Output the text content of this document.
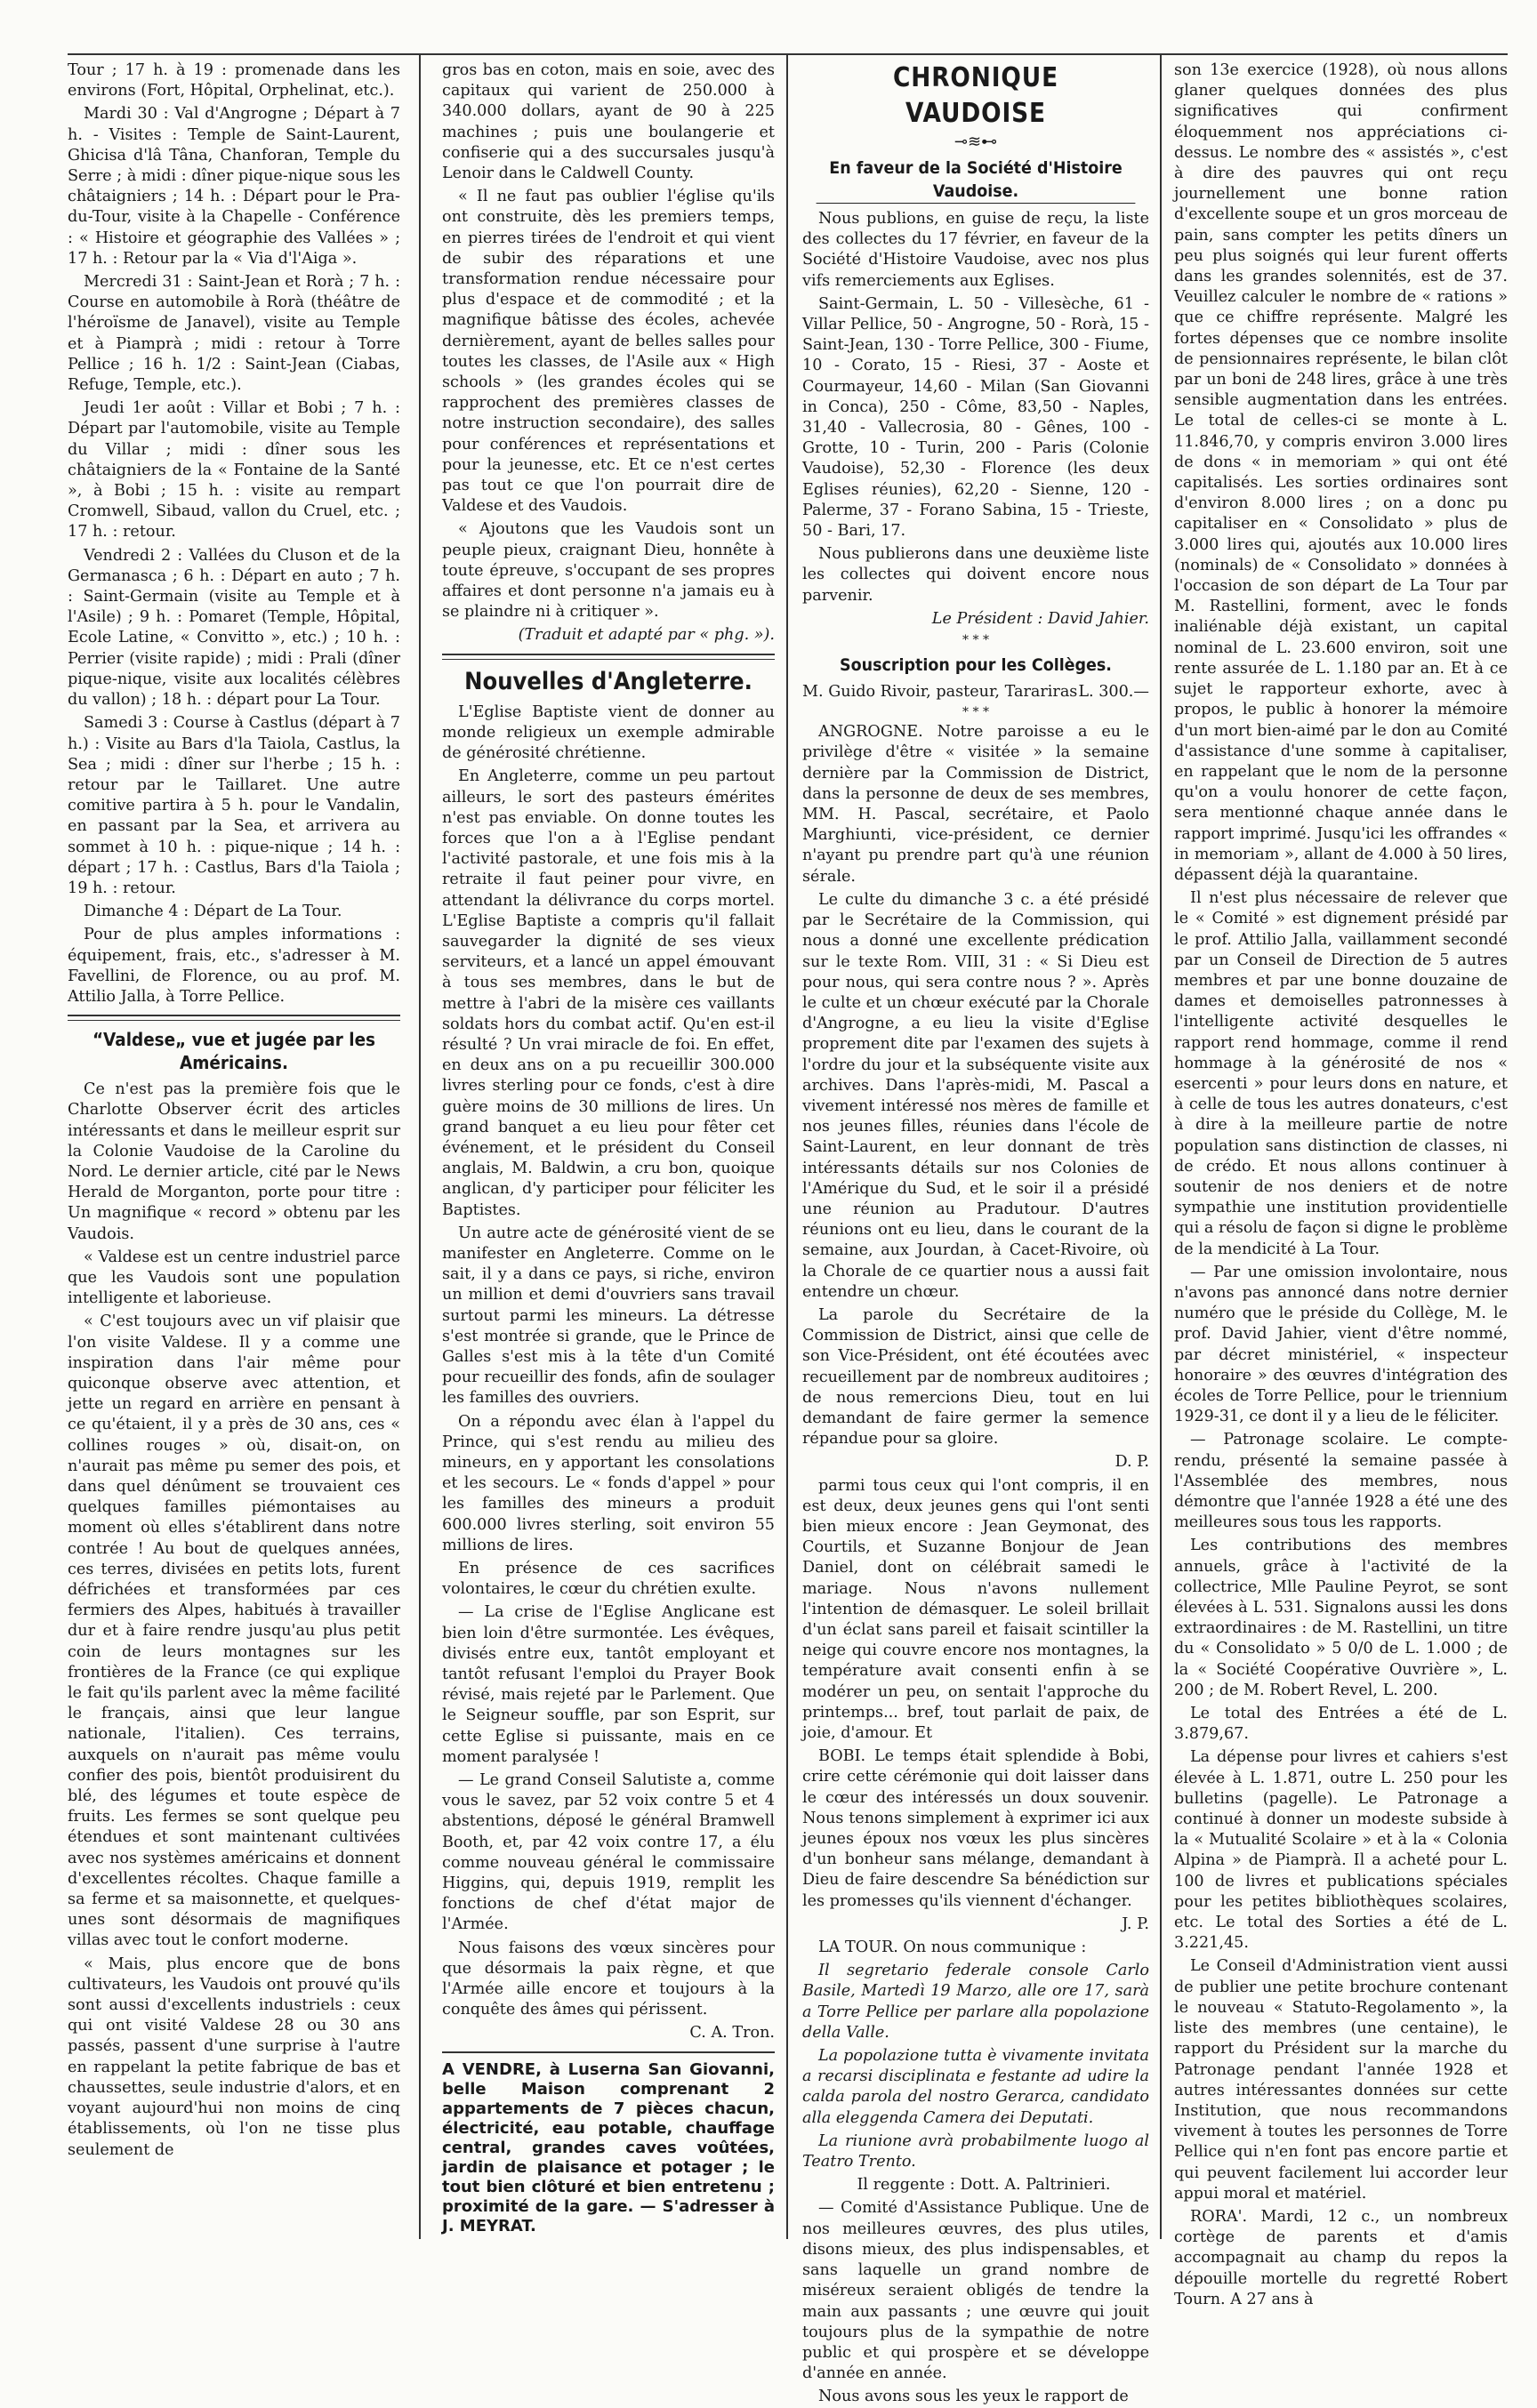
Tour ; 17 h. à 19 : promenade dans les environs (Fort, Hôpital, Orphelinat, etc.).

Mardi 30 : Val d'Angrogne ; Départ à 7 h. - Visites : Temple de Saint-Laurent, Ghicisa d'lâ Tâna, Chanforan, Temple du Serre ; à midi : dîner pique-nique sous les châtaigniers ; 14 h. : Départ pour le Pra-du-Tour, visite à la Chapelle - Conférence : « Histoire et géographie des Vallées » ; 17 h. : Retour par la « Via d'l'Aiga ».

Mercredi 31 : Saint-Jean et Rorà ; 7 h. : Course en automobile à Rorà (théâtre de l'héroïsme de Janavel), visite au Temple et à Piamprà ; midi : retour à Torre Pellice ; 16 h. 1/2 : Saint-Jean (Ciabas, Refuge, Temple, etc.).

Jeudi 1er août : Villar et Bobi ; 7 h. : Départ par l'automobile, visite au Temple du Villar ; midi : dîner sous les châtaigniers de la « Fontaine de la Santé », à Bobi ; 15 h. : visite au rempart Cromwell, Sibaud, vallon du Cruel, etc. ; 17 h. : retour.

Vendredi 2 : Vallées du Cluson et de la Germanasca ; 6 h. : Départ en auto ; 7 h. : Saint-Germain (visite au Temple et à l'Asile) ; 9 h. : Pomaret (Temple, Hôpital, Ecole Latine, « Convitto », etc.) ; 10 h. : Perrier (visite rapide) ; midi : Prali (dîner pique-nique, visite aux localités célèbres du vallon) ; 18 h. : départ pour La Tour.

Samedi 3 : Course à Castlus (départ à 7 h.) : Visite au Bars d'la Taiola, Castlus, la Sea ; midi : dîner sur l'herbe ; 15 h. : retour par le Taillaret. Une autre comitive partira à 5 h. pour le Vandalin, en passant par la Sea, et arrivera au sommet à 10 h. : pique-nique ; 14 h. : départ ; 17 h. : Castlus, Bars d'la Taiola ; 19 h. : retour.

Dimanche 4 : Départ de La Tour.

Pour de plus amples informations : équipement, frais, etc., s'adresser à M. Favellini, de Florence, ou au prof. M. Attilio Jalla, à Torre Pellice.

“Valdese„ vue et jugée par les Américains.

Ce n'est pas la première fois que le Charlotte Observer écrit des articles intéressants et dans le meilleur esprit sur la Colonie Vaudoise de la Caroline du Nord. Le dernier article, cité par le News Herald de Morganton, porte pour titre : Un magnifique « record » obtenu par les Vaudois.

« Valdese est un centre industriel parce que les Vaudois sont une population intelligente et laborieuse.

« C'est toujours avec un vif plaisir que l'on visite Valdese. Il y a comme une inspiration dans l'air même pour quiconque observe avec attention, et jette un regard en arrière en pensant à ce qu'étaient, il y a près de 30 ans, ces « collines rouges » où, disait-on, on n'aurait pas même pu semer des pois, et dans quel dénûment se trouvaient ces quelques familles piémontaises au moment où elles s'établirent dans notre contrée ! Au bout de quelques années, ces terres, divisées en petits lots, furent défrichées et transformées par ces fermiers des Alpes, habitués à travailler dur et à faire rendre jusqu'au plus petit coin de leurs montagnes sur les frontières de la France (ce qui explique le fait qu'ils parlent avec la même facilité le français, ainsi que leur langue nationale, l'italien). Ces terrains, auxquels on n'aurait pas même voulu confier des pois, bientôt produisirent du blé, des légumes et toute espèce de fruits. Les fermes se sont quelque peu étendues et sont maintenant cultivées avec nos systèmes américains et donnent d'excellentes récoltes. Chaque famille a sa ferme et sa maisonnette, et quelques-unes sont désormais de magnifiques villas avec tout le confort moderne.

« Mais, plus encore que de bons cultivateurs, les Vaudois ont prouvé qu'ils sont aussi d'excellents industriels : ceux qui ont visité Valdese 28 ou 30 ans passés, passent d'une surprise à l'autre en rappelant la petite fabrique de bas et chaussettes, seule industrie d'alors, et en voyant aujourd'hui non moins de cinq établissements, où l'on ne tisse plus seulement de

gros bas en coton, mais en soie, avec des capitaux qui varient de 250.000 à 340.000 dollars, ayant de 90 à 225 machines ; puis une boulangerie et confiserie qui a des succursales jusqu'à Lenoir dans le Caldwell County.

« Il ne faut pas oublier l'église qu'ils ont construite, dès les premiers temps, en pierres tirées de l'endroit et qui vient de subir des réparations et une transformation rendue nécessaire pour plus d'espace et de commodité ; et la magnifique bâtisse des écoles, achevée dernièrement, ayant de belles salles pour toutes les classes, de l'Asile aux « High schools » (les grandes écoles qui se rapprochent des premières classes de notre instruction secondaire), des salles pour conférences et représentations et pour la jeunesse, etc. Et ce n'est certes pas tout ce que l'on pourrait dire de Valdese et des Vaudois.

« Ajoutons que les Vaudois sont un peuple pieux, craignant Dieu, honnête à toute épreuve, s'occupant de ses propres affaires et dont personne n'a jamais eu à se plaindre ni à critiquer ».

(Traduit et adapté par « phg. »).

Nouvelles d'Angleterre.

L'Eglise Baptiste vient de donner au monde religieux un exemple admirable de générosité chrétienne.

En Angleterre, comme un peu partout ailleurs, le sort des pasteurs émérites n'est pas enviable. On donne toutes les forces que l'on a à l'Eglise pendant l'activité pastorale, et une fois mis à la retraite il faut peiner pour vivre, en attendant la délivrance du corps mortel. L'Eglise Baptiste a compris qu'il fallait sauvegarder la dignité de ses vieux serviteurs, et a lancé un appel émouvant à tous ses membres, dans le but de mettre à l'abri de la misère ces vaillants soldats hors du combat actif. Qu'en est-il résulté ? Un vrai miracle de foi. En effet, en deux ans on a pu recueillir 300.000 livres sterling pour ce fonds, c'est à dire guère moins de 30 millions de lires. Un grand banquet a eu lieu pour fêter cet événement, et le président du Conseil anglais, M. Baldwin, a cru bon, quoique anglican, d'y participer pour féliciter les Baptistes.

Un autre acte de générosité vient de se manifester en Angleterre. Comme on le sait, il y a dans ce pays, si riche, environ un million et demi d'ouvriers sans travail surtout parmi les mineurs. La détresse s'est montrée si grande, que le Prince de Galles s'est mis à la tête d'un Comité pour recueillir des fonds, afin de soulager les familles des ouvriers.

On a répondu avec élan à l'appel du Prince, qui s'est rendu au milieu des mineurs, en y apportant les consolations et les secours. Le « fonds d'appel » pour les familles des mineurs a produit 600.000 livres sterling, soit environ 55 millions de lires.

En présence de ces sacrifices volontaires, le cœur du chrétien exulte.

— La crise de l'Eglise Anglicane est bien loin d'être surmontée. Les évêques, divisés entre eux, tantôt employant et tantôt refusant l'emploi du Prayer Book révisé, mais rejeté par le Parlement. Que le Seigneur souffle, par son Esprit, sur cette Eglise si puissante, mais en ce moment paralysée !

— Le grand Conseil Salutiste a, comme vous le savez, par 52 voix contre 5 et 4 abstentions, déposé le général Bramwell Booth, et, par 42 voix contre 17, a élu comme nouveau général le commissaire Higgins, qui, depuis 1919, remplit les fonctions de chef d'état major de l'Armée.

Nous faisons des vœux sincères pour que désormais la paix règne, et que l'Armée aille encore et toujours à la conquête des âmes qui périssent.

C. A. Tron.

A VENDRE, à Luserna San Giovanni, belle Maison comprenant 2 appartements de 7 pièces chacun, électricité, eau potable, chauffage central, grandes caves voûtées, jardin de plaisance et potager ; le tout bien clôturé et bien entretenu ; proximité de la gare. — S'adresser à J. MEYRAT.
CHRONIQUE VAUDOISE
⊸≋⊷
En faveur de la Société d'Histoire Vaudoise.

Nous publions, en guise de reçu, la liste des collectes du 17 février, en faveur de la Société d'Histoire Vaudoise, avec nos plus vifs remerciements aux Eglises.

Saint-Germain, L. 50 - Villesèche, 61 - Villar Pellice, 50 - Angrogne, 50 - Rorà, 15 - Saint-Jean, 130 - Torre Pellice, 300 - Fiume, 10 - Corato, 15 - Riesi, 37 - Aoste et Courmayeur, 14,60 - Milan (San Giovanni in Conca), 250 - Côme, 83,50 - Naples, 31,40 - Vallecrosia, 80 - Gênes, 100 - Grotte, 10 - Turin, 200 - Paris (Colonie Vaudoise), 52,30 - Florence (les deux Eglises réunies), 62,20 - Sienne, 120 - Palerme, 37 - Forano Sabina, 15 - Trieste, 50 - Bari, 17.

Nous publierons dans une deuxième liste les collectes qui doivent encore nous parvenir.

Le Président : David Jahier.

* * *
Souscription pour les Collèges.
M. Guido Rivoir, pasteur, Tarariras L. 300.—
* * *

ANGROGNE. Notre paroisse a eu le privilège d'être « visitée » la semaine dernière par la Commission de District, dans la personne de deux de ses membres, MM. H. Pascal, secrétaire, et Paolo Marghiunti, vice-président, ce dernier n'ayant pu prendre part qu'à une réunion sérale.

Le culte du dimanche 3 c. a été présidé par le Secrétaire de la Commission, qui nous a donné une excellente prédication sur le texte Rom. VIII, 31 : « Si Dieu est pour nous, qui sera contre nous ? ». Après le culte et un chœur exécuté par la Chorale d'Angrogne, a eu lieu la visite d'Eglise proprement dite par l'examen des sujets à l'ordre du jour et la subséquente visite aux archives. Dans l'après-midi, M. Pascal a vivement intéressé nos mères de famille et nos jeunes filles, réunies dans l'école de Saint-Laurent, en leur donnant de très intéressants détails sur nos Colonies de l'Amérique du Sud, et le soir il a présidé une réunion au Pradutour. D'autres réunions ont eu lieu, dans le courant de la semaine, aux Jourdan, à Cacet-Rivoire, où la Chorale de ce quartier nous a aussi fait entendre un chœur.

La parole du Secrétaire de la Commission de District, ainsi que celle de son Vice-Président, ont été écoutées avec recueillement par de nombreux auditoires ; de nous remercions Dieu, tout en lui demandant de faire germer la semence répandue pour sa gloire.

D. P.

parmi tous ceux qui l'ont compris, il en est deux, deux jeunes gens qui l'ont senti bien mieux encore : Jean Geymonat, des Courtils, et Suzanne Bonjour de Jean Daniel, dont on célébrait samedi le mariage. Nous n'avons nullement l'intention de démasquer. Le soleil brillait d'un éclat sans pareil et faisait scintiller la neige qui couvre encore nos montagnes, la température avait consenti enfin à se modérer un peu, on sentait l'approche du printemps... bref, tout parlait de paix, de joie, d'amour. Et

BOBI. Le temps était splendide à Bobi, crire cette cérémonie qui doit laisser dans le cœur des intéressés un doux souvenir. Nous tenons simplement à exprimer ici aux jeunes époux nos vœux les plus sincères d'un bonheur sans mélange, demandant à Dieu de faire descendre Sa bénédiction sur les promesses qu'ils viennent d'échanger.

J. P.

LA TOUR. On nous communique :

Il segretario federale console Carlo Basile, Martedì 19 Marzo, alle ore 17, sarà a Torre Pellice per parlare alla popolazione della Valle.

La popolazione tutta è vivamente invitata a recarsi disciplinata e festante ad udire la calda parola del nostro Gerarca, candidato alla eleggenda Camera dei Deputati.

La riunione avrà probabilmente luogo al Teatro Trento.

Il reggente : Dott. A. Paltrinieri.

— Comité d'Assistance Publique. Une de nos meilleures œuvres, des plus utiles, disons mieux, des plus indispensables, et sans laquelle un grand nombre de miséreux seraient obligés de tendre la main aux passants ; une œuvre qui jouit toujours plus de la sympathie de notre public et qui prospère et se développe d'année en année.

Nous avons sous les yeux le rapport de

son 13e exercice (1928), où nous allons glaner quelques données des plus significatives qui confirment éloquemment nos appréciations ci-dessus. Le nombre des « assistés », c'est à dire des pauvres qui ont reçu journellement une bonne ration d'excellente soupe et un gros morceau de pain, sans compter les petits dîners un peu plus soignés qui leur furent offerts dans les grandes solennités, est de 37. Veuillez calculer le nombre de « rations » que ce chiffre représente. Malgré les fortes dépenses que ce nombre insolite de pensionnaires représente, le bilan clôt par un boni de 248 lires, grâce à une très sensible augmentation dans les entrées. Le total de celles-ci se monte à L. 11.846,70, y compris environ 3.000 lires de dons « in memoriam » qui ont été capitalisés. Les sorties ordinaires sont d'environ 8.000 lires ; on a donc pu capitaliser en « Consolidato » plus de 3.000 lires qui, ajoutés aux 10.000 lires (nominals) de « Consolidato » données à l'occasion de son départ de La Tour par M. Rastellini, forment, avec le fonds inaliénable déjà existant, un capital nominal de L. 23.600 environ, soit une rente assurée de L. 1.180 par an. Et à ce sujet le rapporteur exhorte, avec à propos, le public à honorer la mémoire d'un mort bien-aimé par le don au Comité d'assistance d'une somme à capitaliser, en rappelant que le nom de la personne qu'on a voulu honorer de cette façon, sera mentionné chaque année dans le rapport imprimé. Jusqu'ici les offrandes « in memoriam », allant de 4.000 à 50 lires, dépassent déjà la quarantaine.

Il n'est plus nécessaire de relever que le « Comité » est dignement présidé par le prof. Attilio Jalla, vaillamment secondé par un Conseil de Direction de 5 autres membres et par une bonne douzaine de dames et demoiselles patronnesses à l'intelligente activité desquelles le rapport rend hommage, comme il rend hommage à la générosité de nos « esercenti » pour leurs dons en nature, et à celle de tous les autres donateurs, c'est à dire à la meilleure partie de notre population sans distinction de classes, ni de crédo. Et nous allons continuer à soutenir de nos deniers et de notre sympathie une institution providentielle qui a résolu de façon si digne le problème de la mendicité à La Tour.

— Par une omission involontaire, nous n'avons pas annoncé dans notre dernier numéro que le préside du Collège, M. le prof. David Jahier, vient d'être nommé, par décret ministériel, « inspecteur honoraire » des œuvres d'intégration des écoles de Torre Pellice, pour le triennium 1929-31, ce dont il y a lieu de le féliciter.

— Patronage scolaire. Le compte-rendu, présenté la semaine passée à l'Assemblée des membres, nous démontre que l'année 1928 a été une des meilleures sous tous les rapports.

Les contributions des membres annuels, grâce à l'activité de la collectrice, Mlle Pauline Peyrot, se sont élevées à L. 531. Signalons aussi les dons extraordinaires : de M. Rastellini, un titre du « Consolidato » 5 0/0 de L. 1.000 ; de la « Société Coopérative Ouvrière », L. 200 ; de M. Robert Revel, L. 200.

Le total des Entrées a été de L. 3.879,67.

La dépense pour livres et cahiers s'est élevée à L. 1.871, outre L. 250 pour les bulletins (pagelle). Le Patronage a continué à donner un modeste subside à la « Mutualité Scolaire » et à la « Colonia Alpina » de Piamprà. Il a acheté pour L. 100 de livres et publications spéciales pour les petites bibliothèques scolaires, etc. Le total des Sorties a été de L. 3.221,45.

Le Conseil d'Administration vient aussi de publier une petite brochure contenant le nouveau « Statuto-Regolamento », la liste des membres (une centaine), le rapport du Président sur la marche du Patronage pendant l'année 1928 et autres intéressantes données sur cette Institution, que nous recommandons vivement à toutes les personnes de Torre Pellice qui n'en font pas encore partie et qui peuvent facilement lui accorder leur appui moral et matériel.

RORA'. Mardi, 12 c., un nombreux cortège de parents et d'amis accompagnait au champ du repos la dépouille mortelle du regretté Robert Tourn. A 27 ans à
